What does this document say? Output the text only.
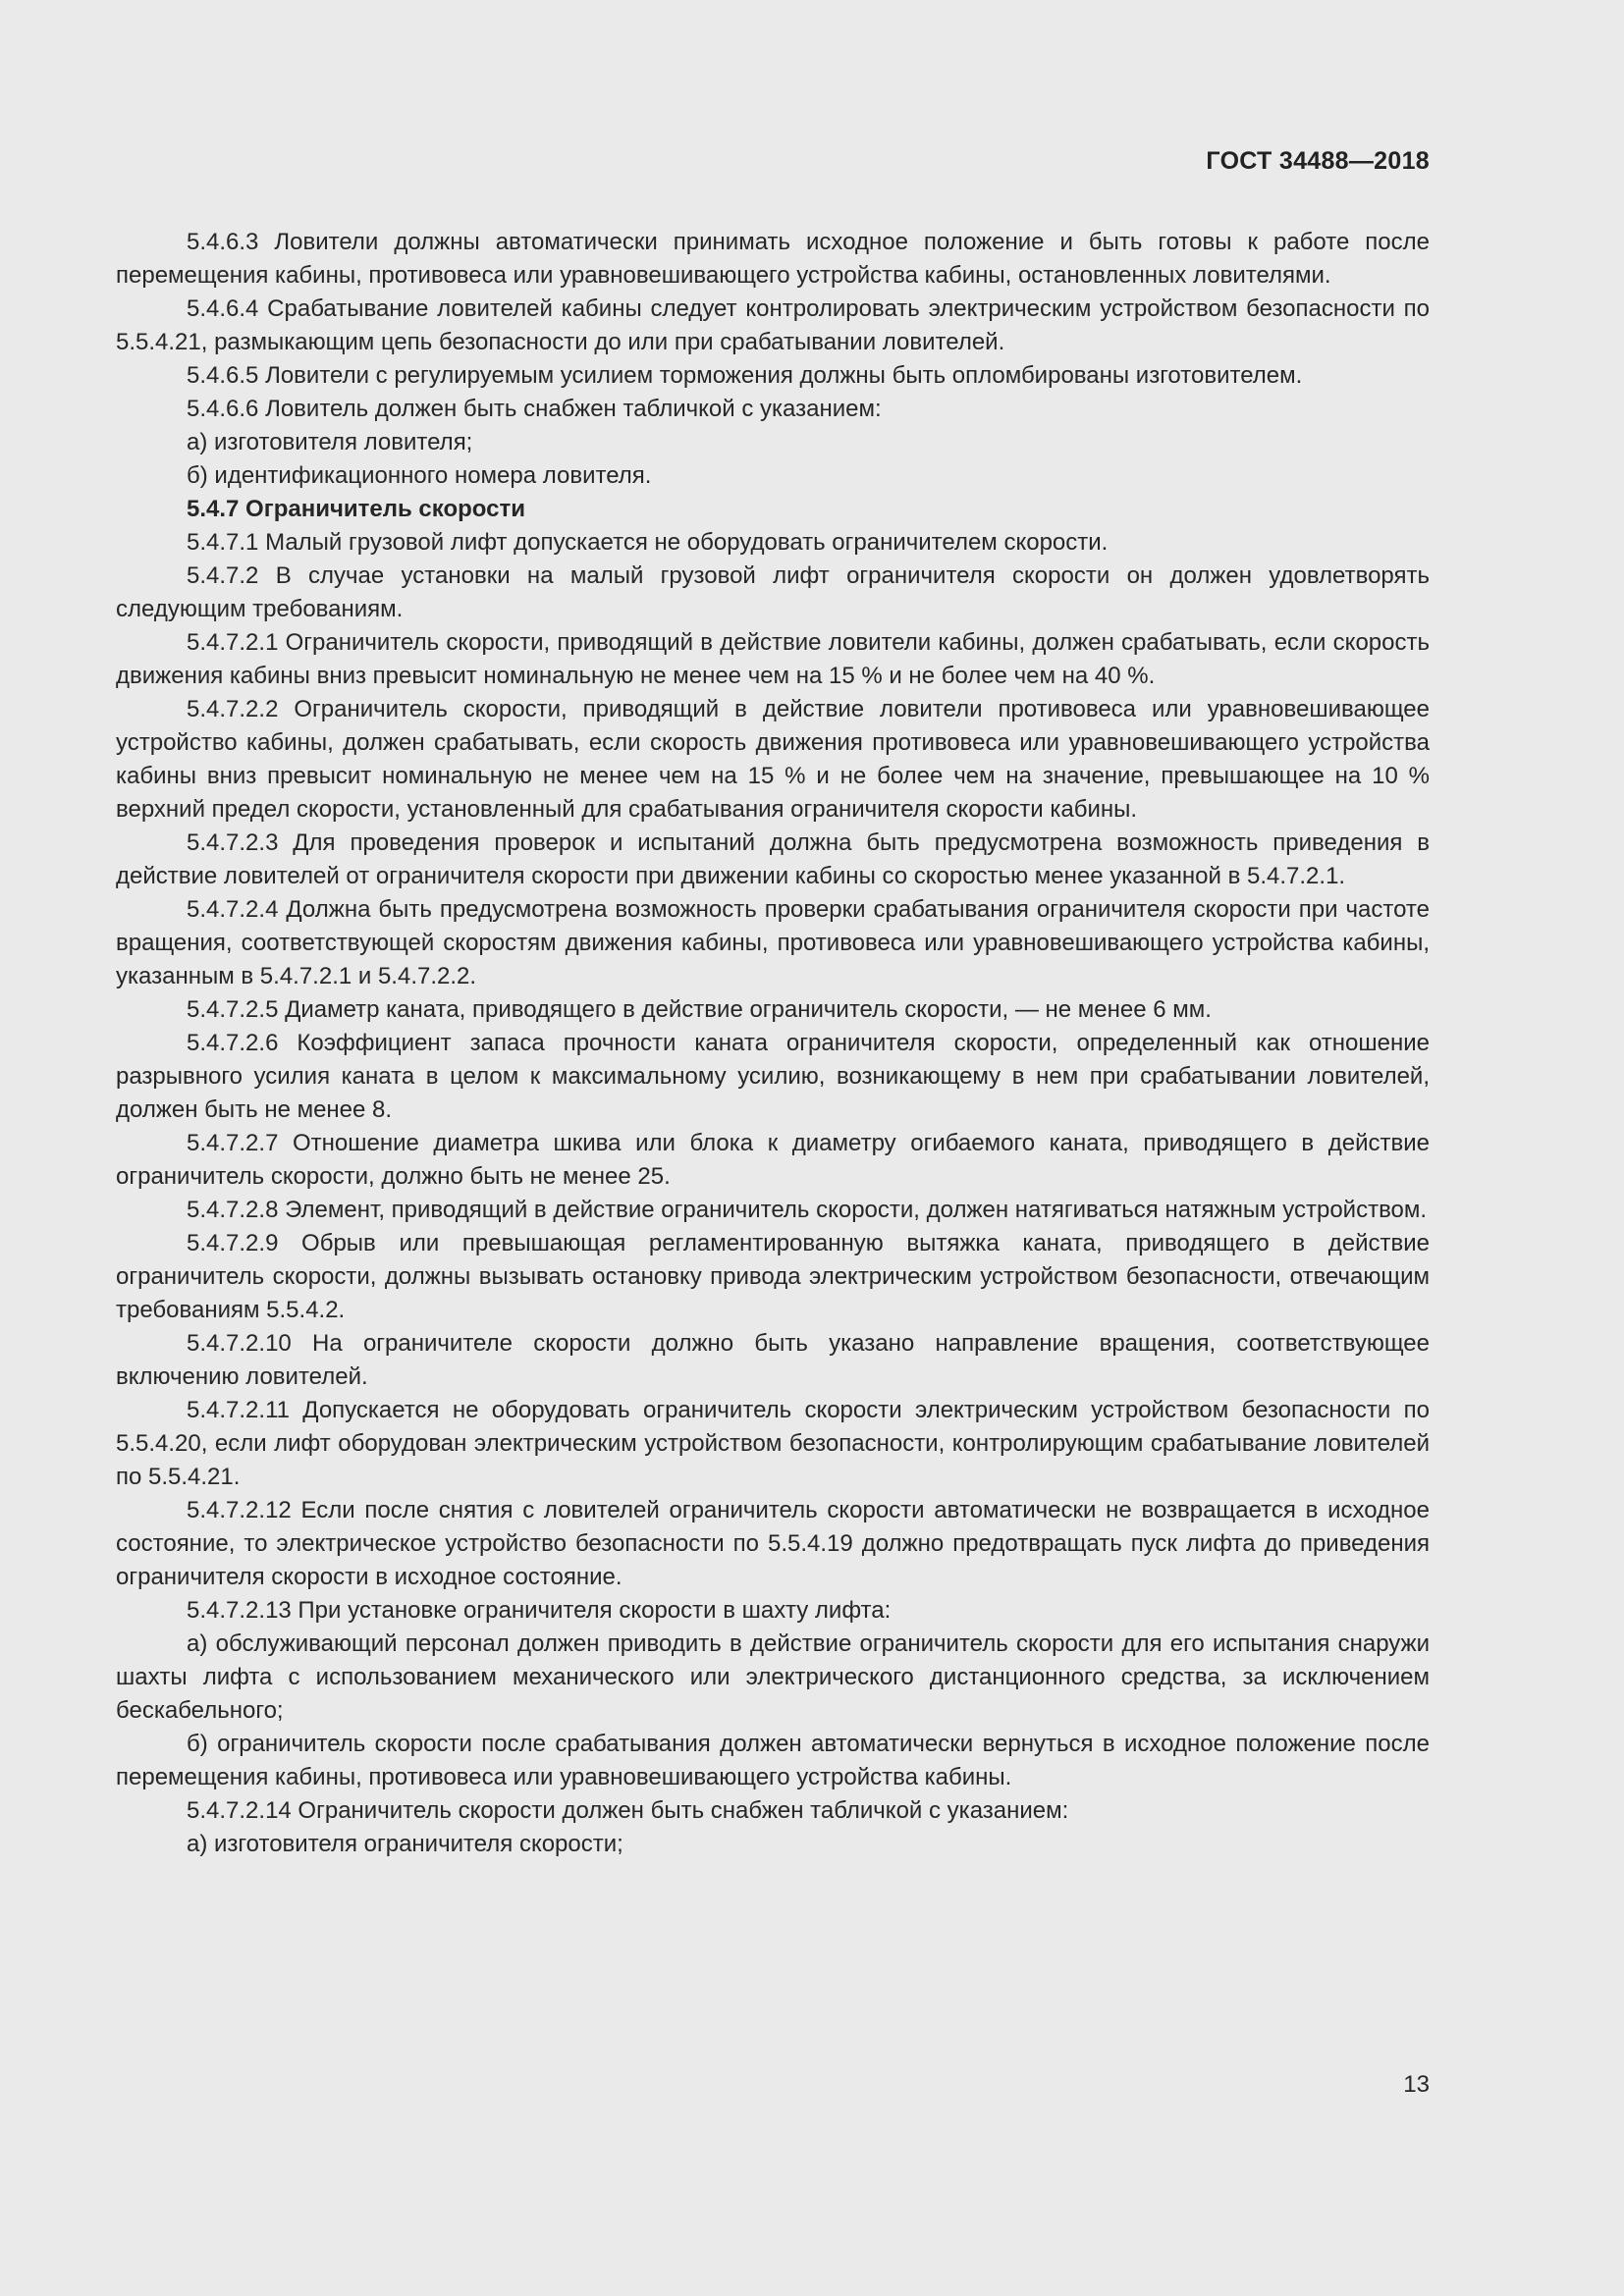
ГОСТ 34488—2018

5.4.6.3 Ловители должны автоматически принимать исходное положение и быть готовы к работе после перемещения кабины, противовеса или уравновешивающего устройства кабины, остановленных ловителями.

5.4.6.4 Срабатывание ловителей кабины следует контролировать электрическим устройством безопасности по 5.5.4.21, размыкающим цепь безопасности до или при срабатывании ловителей.

5.4.6.5 Ловители с регулируемым усилием торможения должны быть опломбированы изготовителем.

5.4.6.6 Ловитель должен быть снабжен табличкой с указанием:

а) изготовителя ловителя;

б) идентификационного номера ловителя.

5.4.7 Ограничитель скорости

5.4.7.1 Малый грузовой лифт допускается не оборудовать ограничителем скорости.

5.4.7.2 В случае установки на малый грузовой лифт ограничителя скорости он должен удовлетворять следующим требованиям.

5.4.7.2.1 Ограничитель скорости, приводящий в действие ловители кабины, должен срабатывать, если скорость движения кабины вниз превысит номинальную не менее чем на 15 % и не более чем на 40 %.

5.4.7.2.2 Ограничитель скорости, приводящий в действие ловители противовеса или уравновешивающее устройство кабины, должен срабатывать, если скорость движения противовеса или уравновешивающего устройства кабины вниз превысит номинальную не менее чем на 15 % и не более чем на значение, превышающее на 10 % верхний предел скорости, установленный для срабатывания ограничителя скорости кабины.

5.4.7.2.3 Для проведения проверок и испытаний должна быть предусмотрена возможность приведения в действие ловителей от ограничителя скорости при движении кабины со скоростью менее указанной в 5.4.7.2.1.

5.4.7.2.4 Должна быть предусмотрена возможность проверки срабатывания ограничителя скорости при частоте вращения, соответствующей скоростям движения кабины, противовеса или уравновешивающего устройства кабины, указанным в 5.4.7.2.1 и 5.4.7.2.2.

5.4.7.2.5 Диаметр каната, приводящего в действие ограничитель скорости, — не менее 6 мм.

5.4.7.2.6 Коэффициент запаса прочности каната ограничителя скорости, определенный как отношение разрывного усилия каната в целом к максимальному усилию, возникающему в нем при срабатывании ловителей, должен быть не менее 8.

5.4.7.2.7 Отношение диаметра шкива или блока к диаметру огибаемого каната, приводящего в действие ограничитель скорости, должно быть не менее 25.

5.4.7.2.8 Элемент, приводящий в действие ограничитель скорости, должен натягиваться натяжным устройством.

5.4.7.2.9 Обрыв или превышающая регламентированную вытяжка каната, приводящего в действие ограничитель скорости, должны вызывать остановку привода электрическим устройством безопасности, отвечающим требованиям 5.5.4.2.

5.4.7.2.10 На ограничителе скорости должно быть указано направление вращения, соответствующее включению ловителей.

5.4.7.2.11 Допускается не оборудовать ограничитель скорости электрическим устройством безопасности по 5.5.4.20, если лифт оборудован электрическим устройством безопасности, контролирующим срабатывание ловителей по 5.5.4.21.

5.4.7.2.12 Если после снятия с ловителей ограничитель скорости автоматически не возвращается в исходное состояние, то электрическое устройство безопасности по 5.5.4.19 должно предотвращать пуск лифта до приведения ограничителя скорости в исходное состояние.

5.4.7.2.13 При установке ограничителя скорости в шахту лифта:

а) обслуживающий персонал должен приводить в действие ограничитель скорости для его испытания снаружи шахты лифта с использованием механического или электрического дистанционного средства, за исключением бескабельного;

б) ограничитель скорости после срабатывания должен автоматически вернуться в исходное положение после перемещения кабины, противовеса или уравновешивающего устройства кабины.

5.4.7.2.14 Ограничитель скорости должен быть снабжен табличкой с указанием:

а) изготовителя ограничителя скорости;

13
